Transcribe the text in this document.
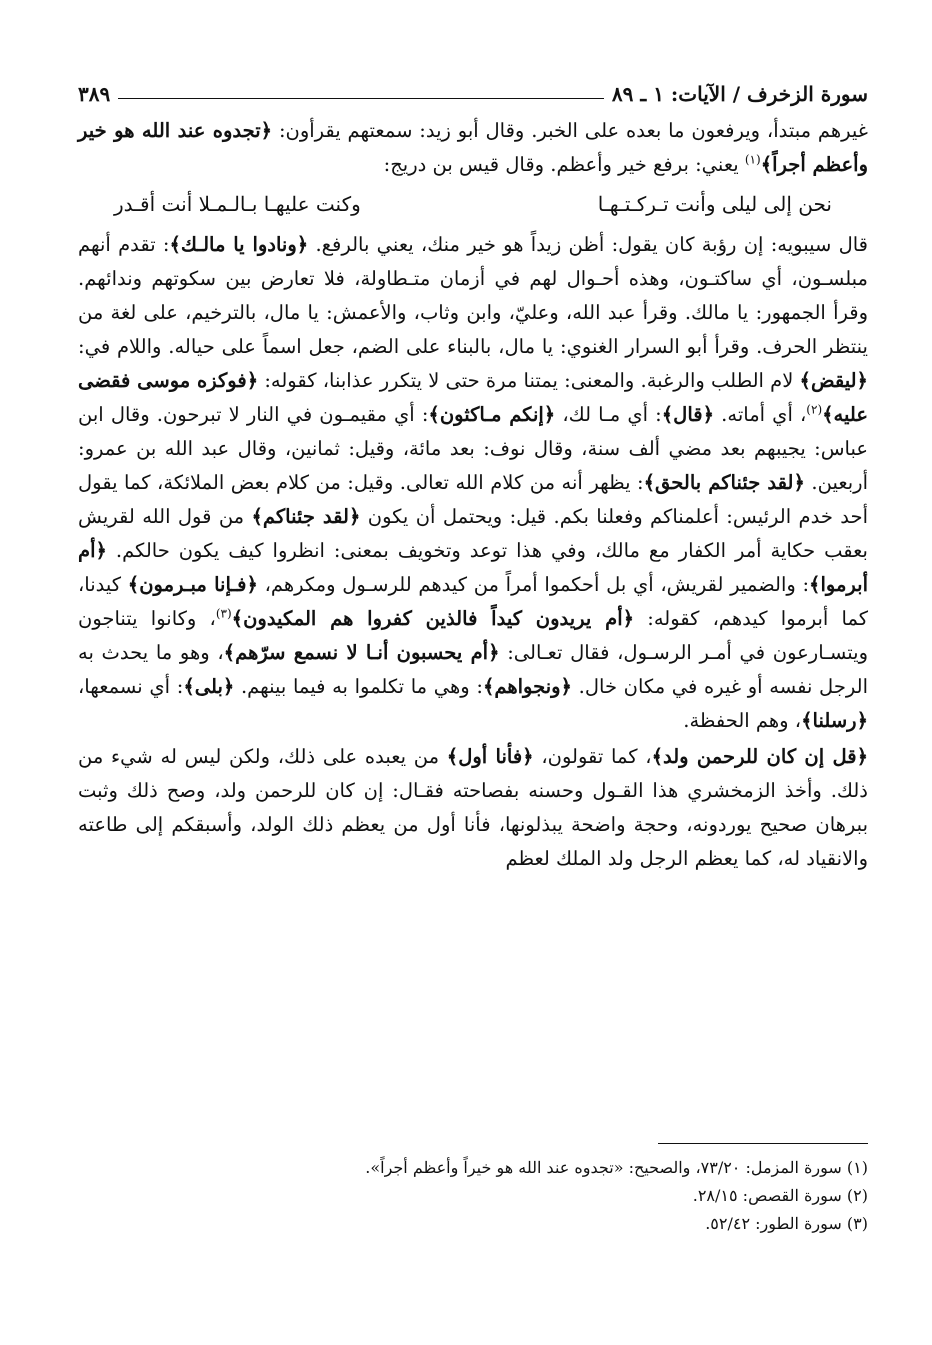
سورة الزخرف / الآيات: ١ ـ ٨٩
٣٨٩

غيرهم مبتدأ، ويرفعون ما بعده على الخبر. وقال أبو زيد: سمعتهم يقرأون: ﴿تجدوه عند الله هو خير وأعظم أجراً﴾$^{(١)}$ يعني: برفع خير وأعظم. وقال قيس بن دريج:

نحن إلى ليلى وأنت تـركـتـهـا
وكنت عليهـا بـالـمـلا أنت أقـدر

قال سيبويه: إن رؤبة كان يقول: أظن زيداً هو خير منك، يعني بالرفع. ﴿ونادوا يا مالـك﴾: تقدم أنهم مبلسـون، أي ساكتـون، وهذه أحـوال لهم في أزمان متـطاولة، فلا تعارض بين سكوتهم وندائهم. وقرأ الجمهور: يا مالك. وقرأ عبد الله، وعليّ، وابن وثاب، والأعمش: يا مال، بالترخيم، على لغة من ينتظر الحرف. وقرأ أبو السرار الغنوي: يا مال، بالبناء على الضم، جعل اسماً على حياله. واللام في: ﴿ليقض﴾ لام الطلب والرغبة. والمعنى: يمتنا مرة حتى لا يتكرر عذابنا، كقوله: ﴿فوكزه موسى فقضى عليه﴾$^{(٢)}$، أي أماته. ﴿قال﴾: أي مـا لك، ﴿إنكم مـاكثون﴾: أي مقيمـون في النار لا تبرحون. وقال ابن عباس: يجيبهم بعد مضي ألف سنة، وقال نوف: بعد مائة، وقيل: ثمانين، وقال عبد الله بن عمرو: أربعين. ﴿لقد جئناكم بالحق﴾: يظهر أنه من كلام الله تعالى. وقيل: من كلام بعض الملائكة، كما يقول أحد خدم الرئيس: أعلمناكم وفعلنا بكم. قيل: ويحتمل أن يكون ﴿لقد جئناكم﴾ من قول الله لقريش بعقب حكاية أمر الكفار مع مالك، وفي هذا توعد وتخويف بمعنى: انظروا كيف يكون حالكم. ﴿أم أبرموا﴾: والضمير لقريش، أي بل أحكموا أمراً من كيدهم للرسـول ومكرهم، ﴿فـإنا مبـرمون﴾ كيدنا، كما أبرموا كيدهم، كقوله: ﴿أم يريدون كيداً فالذين كفروا هم المكيدون﴾$^{(٣)}$، وكانوا يتناجون ويتسـارعون في أمـر الرسـول، فقال تعـالى: ﴿أم يحسبون أنـا لا نسمع سرّهم﴾، وهو ما يحدث به الرجل نفسه أو غيره في مكان خال. ﴿ونجواهم﴾: وهي ما تكلموا به فيما بينهم. ﴿بلى﴾: أي نسمعها، ﴿رسلنا﴾، وهم الحفظة.

﴿قل إن كان للرحمن ولد﴾، كما تقولون، ﴿فأنا أول﴾ من يعبده على ذلك، ولكن ليس له شيء من ذلك. وأخذ الزمخشري هذا القـول وحسنه بفصاحته فقـال: إن كان للرحمن ولد، وصح ذلك وثبت ببرهان صحيح يوردونه، وحجة واضحة يبذلونها، فأنا أول من يعظم ذلك الولد، وأسبقكم إلى طاعته والانقياد له، كما يعظم الرجل ولد الملك لعظم

(١) سورة المزمل: ٧٣/٢٠، والصحيح: «تجدوه عند الله هو خيراً وأعظم أجراً».
(٢) سورة القصص: ٢٨/١٥.
(٣) سورة الطور: ٥٢/٤٢.
